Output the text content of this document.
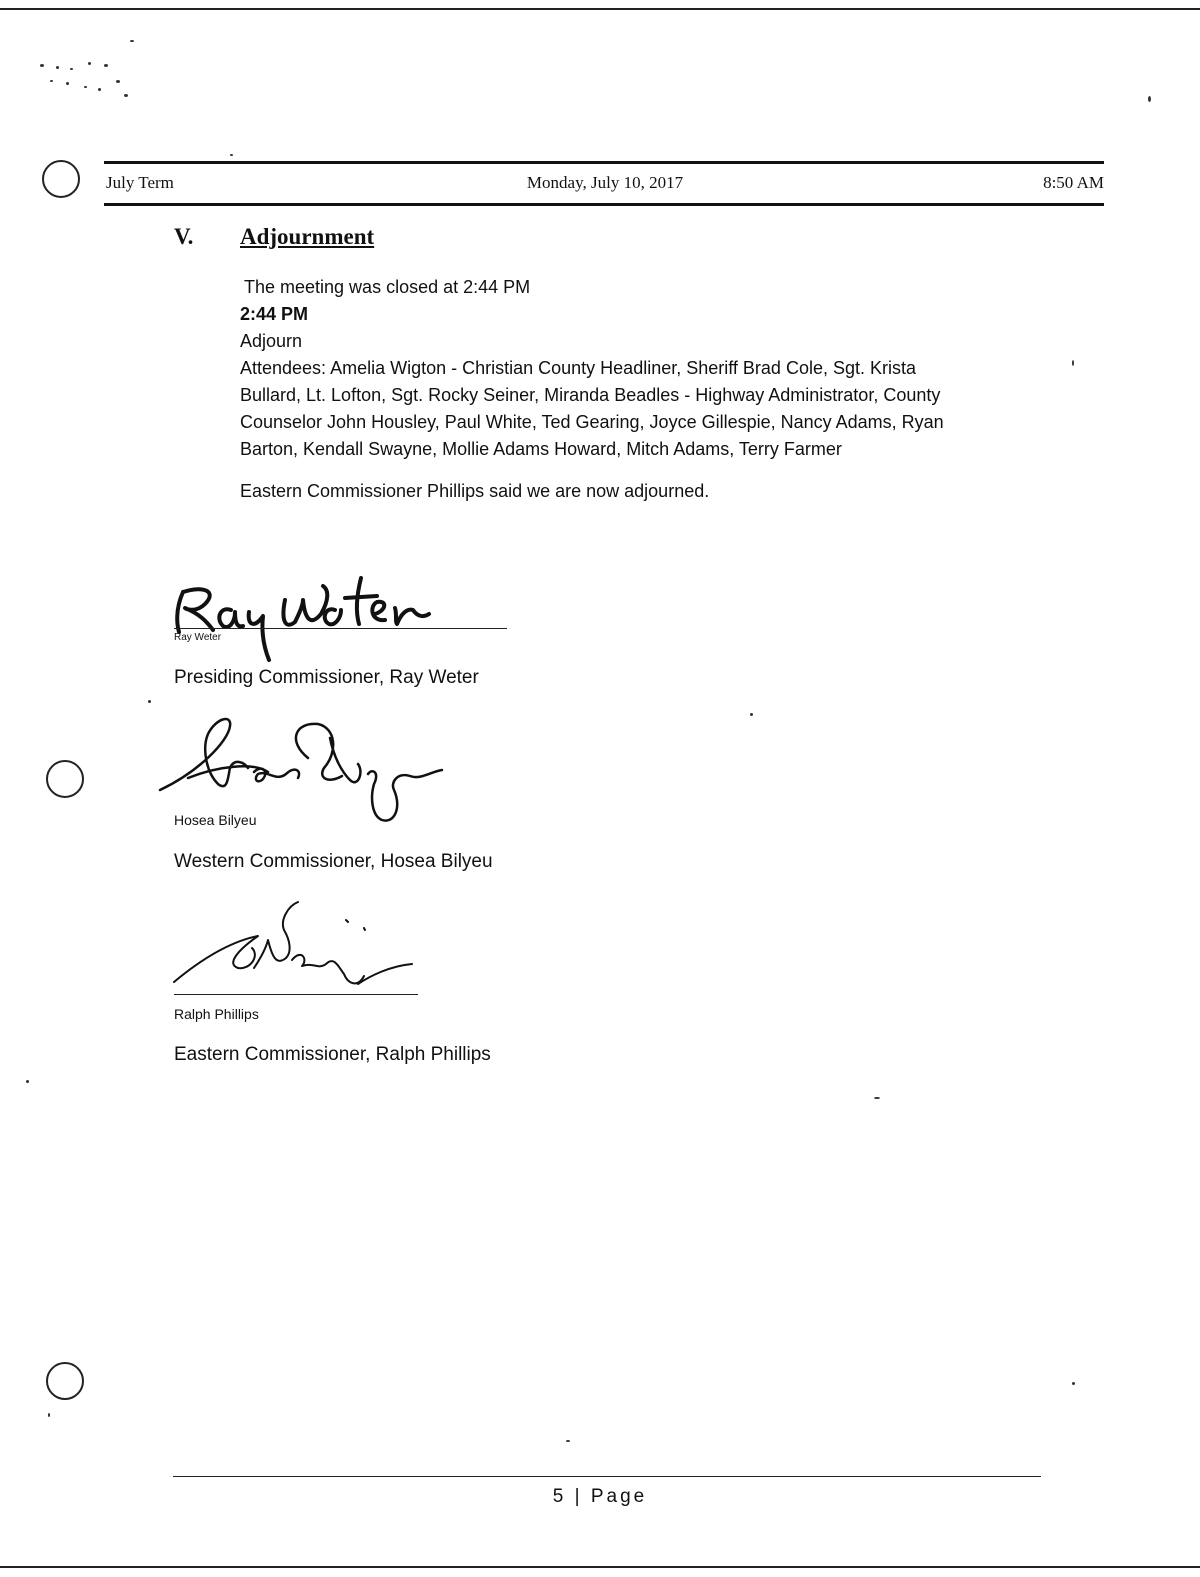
July Term	Monday, July 10, 2017	8:50 AM
V. Adjournment
The meeting was closed at 2:44 PM
2:44 PM
Adjourn
Attendees: Amelia Wigton - Christian County Headliner, Sheriff Brad Cole, Sgt. Krista
Bullard, Lt. Lofton, Sgt. Rocky Seiner, Miranda Beadles - Highway Administrator, County
Counselor John Housley, Paul White, Ted Gearing, Joyce Gillespie, Nancy Adams, Ryan
Barton, Kendall Swayne, Mollie Adams Howard, Mitch Adams, Terry Farmer
Eastern Commissioner Phillips said we are now adjourned.
Ray Weter
Presiding Commissioner, Ray Weter
Hosea Bilyeu
Western Commissioner, Hosea Bilyeu
Ralph Phillips
Eastern Commissioner, Ralph Phillips
5 | Page
